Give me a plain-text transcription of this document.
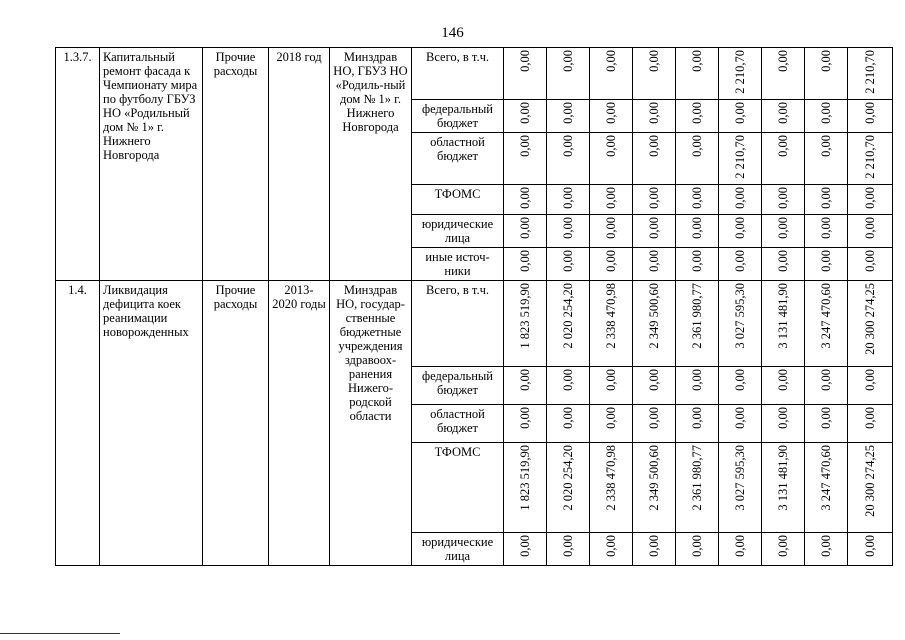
146
1.3.7.	Капитальный ремонт фасада к Чемпионату мира по футболу ГБУЗ НО «Родильный дом № 1» г. Нижнего Новгорода	Прочие расходы	2018 год	Минздрав НО, ГБУЗ НО «Родиль-ный дом № 1» г. Нижнего Новгорода	Всего, в т.ч.	0,00	0,00	0,00	0,00	0,00	2 210,70	0,00	0,00	2 210,70
					федеральный бюджет	0,00	0,00	0,00	0,00	0,00	0,00	0,00	0,00	0,00
					областной бюджет	0,00	0,00	0,00	0,00	0,00	2 210,70	0,00	0,00	2 210,70
					ТФОМС	0,00	0,00	0,00	0,00	0,00	0,00	0,00	0,00	0,00
					юридические лица	0,00	0,00	0,00	0,00	0,00	0,00	0,00	0,00	0,00
					иные источ-ники	0,00	0,00	0,00	0,00	0,00	0,00	0,00	0,00	0,00
1.4.	Ликвидация дефицита коек реанимации новорожденных	Прочие расходы	2013-2020 годы	Минздрав НО, государ-ственные бюджетные учреждения здравоох-ранения Нижего-родской области	Всего, в т.ч.	1 823 519,90	2 020 254,20	2 338 470,98	2 349 500,60	2 361 980,77	3 027 595,30	3 131 481,90	3 247 470,60	20 300 274,25
					федеральный бюджет	0,00	0,00	0,00	0,00	0,00	0,00	0,00	0,00	0,00
					областной бюджет	0,00	0,00	0,00	0,00	0,00	0,00	0,00	0,00	0,00
					ТФОМС	1 823 519,90	2 020 254,20	2 338 470,98	2 349 500,60	2 361 980,77	3 027 595,30	3 131 481,90	3 247 470,60	20 300 274,25
					юридические лица	0,00	0,00	0,00	0,00	0,00	0,00	0,00	0,00	0,00
